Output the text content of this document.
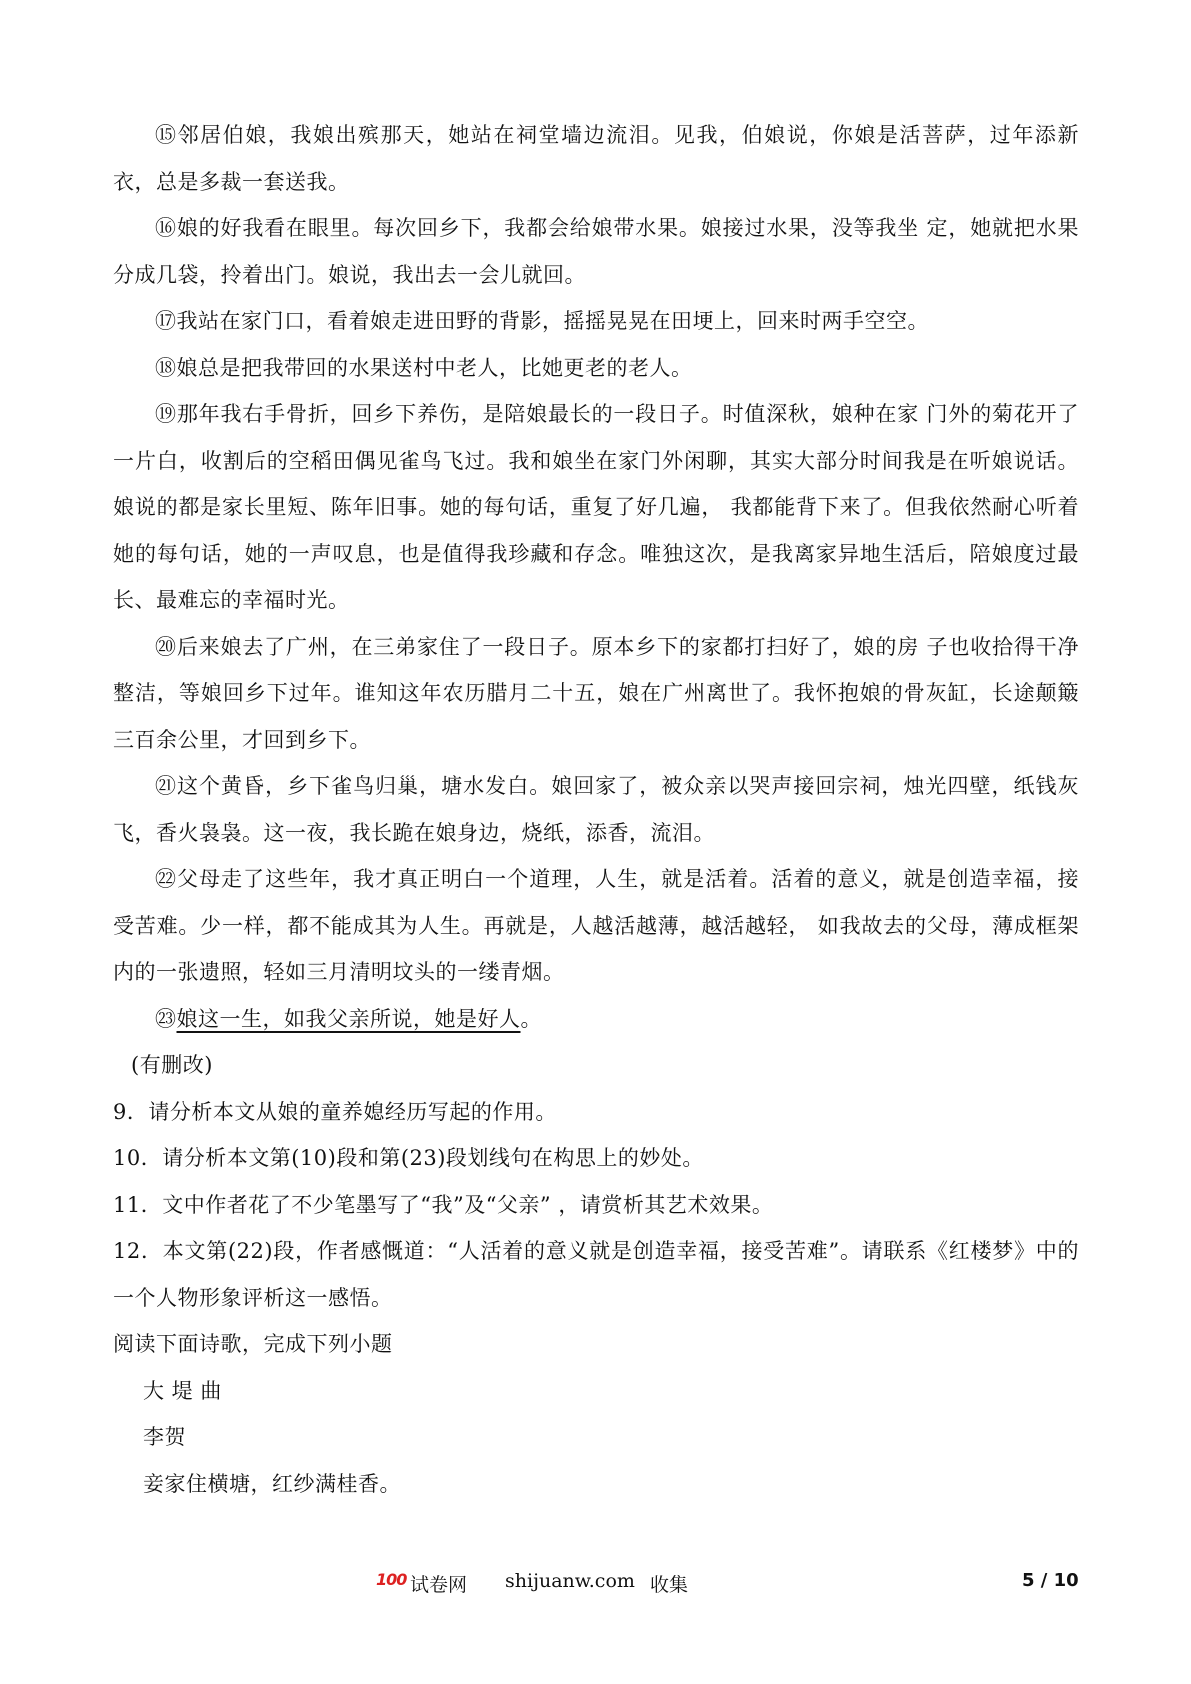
⑮邻居伯娘，我娘出殡那天，她站在祠堂墙边流泪。见我，伯娘说，你娘是活菩萨，过年添新衣，总是多裁一套送我。

⑯娘的好我看在眼里。每次回乡下，我都会给娘带水果。娘接过水果，没等我坐 定，她就把水果分成几袋，拎着出门。娘说，我出去一会儿就回。

⑰我站在家门口，看着娘走进田野的背影，摇摇晃晃在田埂上，回来时两手空空。

⑱娘总是把我带回的水果送村中老人，比她更老的老人。

⑲那年我右手骨折，回乡下养伤，是陪娘最长的一段日子。时值深秋，娘种在家 门外的菊花开了一片白，收割后的空稻田偶见雀鸟飞过。我和娘坐在家门外闲聊，其实大部分时间我是在听娘说话。娘说的都是家长里短、陈年旧事。她的每句话，重复了好几遍， 我都能背下来了。但我依然耐心听着她的每句话，她的一声叹息，也是值得我珍藏和存念。唯独这次，是我离家异地生活后，陪娘度过最长、最难忘的幸福时光。

⑳后来娘去了广州，在三弟家住了一段日子。原本乡下的家都打扫好了，娘的房 子也收拾得干净整洁，等娘回乡下过年。谁知这年农历腊月二十五，娘在广州离世了。我怀抱娘的骨灰缸，长途颠簸三百余公里，才回到乡下。

㉑这个黄昏，乡下雀鸟归巢，塘水发白。娘回家了，被众亲以哭声接回宗祠，烛光四壁，纸钱灰飞，香火袅袅。这一夜，我长跪在娘身边，烧纸，添香，流泪。

㉒父母走了这些年，我才真正明白一个道理，人生，就是活着。活着的意义，就是创造幸福，接受苦难。少一样，都不能成其为人生。再就是，人越活越薄，越活越轻， 如我故去的父母，薄成框架内的一张遗照，轻如三月清明坟头的一缕青烟。

㉓娘这一生，如我父亲所说，她是好人。

(有删改)

9．请分析本文从娘的童养媳经历写起的作用。

10．请分析本文第(10)段和第(23)段划线句在构思上的妙处。

11．文中作者花了不少笔墨写了“我”及“父亲” ，请赏析其艺术效果。

12．本文第(22)段，作者感慨道：“人活着的意义就是创造幸福，接受苦难”。请联系《红楼梦》中的一个人物形象评析这一感悟。

阅读下面诗歌，完成下列小题

大 堤 曲

李贺

妾家住横塘，红纱满桂香。

100 试卷网 shijuanw.com 收集	5 / 10
